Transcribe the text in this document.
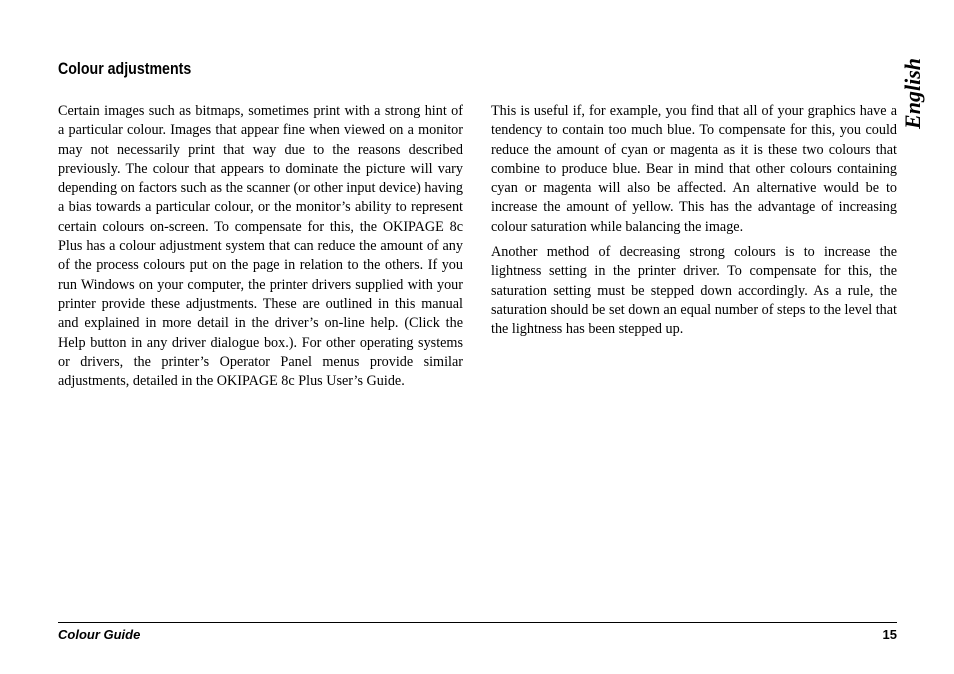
Colour adjustments	English

Certain images such as bitmaps, sometimes print with a strong hint of a particular colour. Images that appear fine when viewed on a monitor may not necessarily print that way due to the reasons described previously. The colour that appears to dominate the picture will vary depending on factors such as the scanner (or other input device) having a bias towards a particular colour, or the monitor’s ability to represent certain colours on-screen. To compensate for this, the OKIPAGE 8c Plus has a colour adjustment system that can reduce the amount of any of the process colours put on the page in relation to the others. If you run Windows on your computer, the printer drivers supplied with your printer provide these adjustments. These are outlined in this manual and explained in more detail in the driver’s on-line help. (Click the Help button in any driver dialogue box.). For other operating systems or drivers, the printer’s Operator Panel menus provide similar adjustments, detailed in the OKIPAGE 8c Plus User’s Guide.

This is useful if, for example, you find that all of your graphics have a tendency to contain too much blue. To compensate for this, you could reduce the amount of cyan or magenta as it is these two colours that combine to produce blue. Bear in mind that other colours containing cyan or magenta will also be affected. An alternative would be to increase the amount of yellow. This has the advantage of increasing colour saturation while balancing the image.

Another method of decreasing strong colours is to increase the lightness setting in the printer driver. To compensate for this, the saturation setting must be stepped down accordingly. As a rule, the saturation should be set down an equal number of steps to the level that the lightness has been stepped up.

Colour Guide	15
